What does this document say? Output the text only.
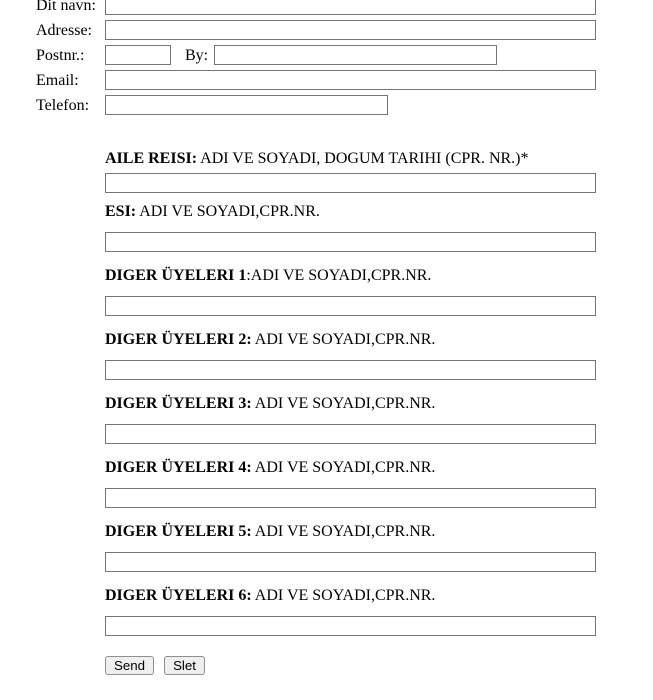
Dit navn:
Adresse:
Postnr.:	By:
Email:
Telefon:

AILE REISI: ADI VE SOYADI, DOGUM TARIHI (CPR. NR.)*

ESI: ADI VE SOYADI,CPR.NR.

DIGER ÜYELERI 1:ADI VE SOYADI,CPR.NR.

DIGER ÜYELERI 2: ADI VE SOYADI,CPR.NR.

DIGER ÜYELERI 3: ADI VE SOYADI,CPR.NR.

DIGER ÜYELERI 4: ADI VE SOYADI,CPR.NR.

DIGER ÜYELERI 5: ADI VE SOYADI,CPR.NR.

DIGER ÜYELERI 6: ADI VE SOYADI,CPR.NR.

Send Slet
